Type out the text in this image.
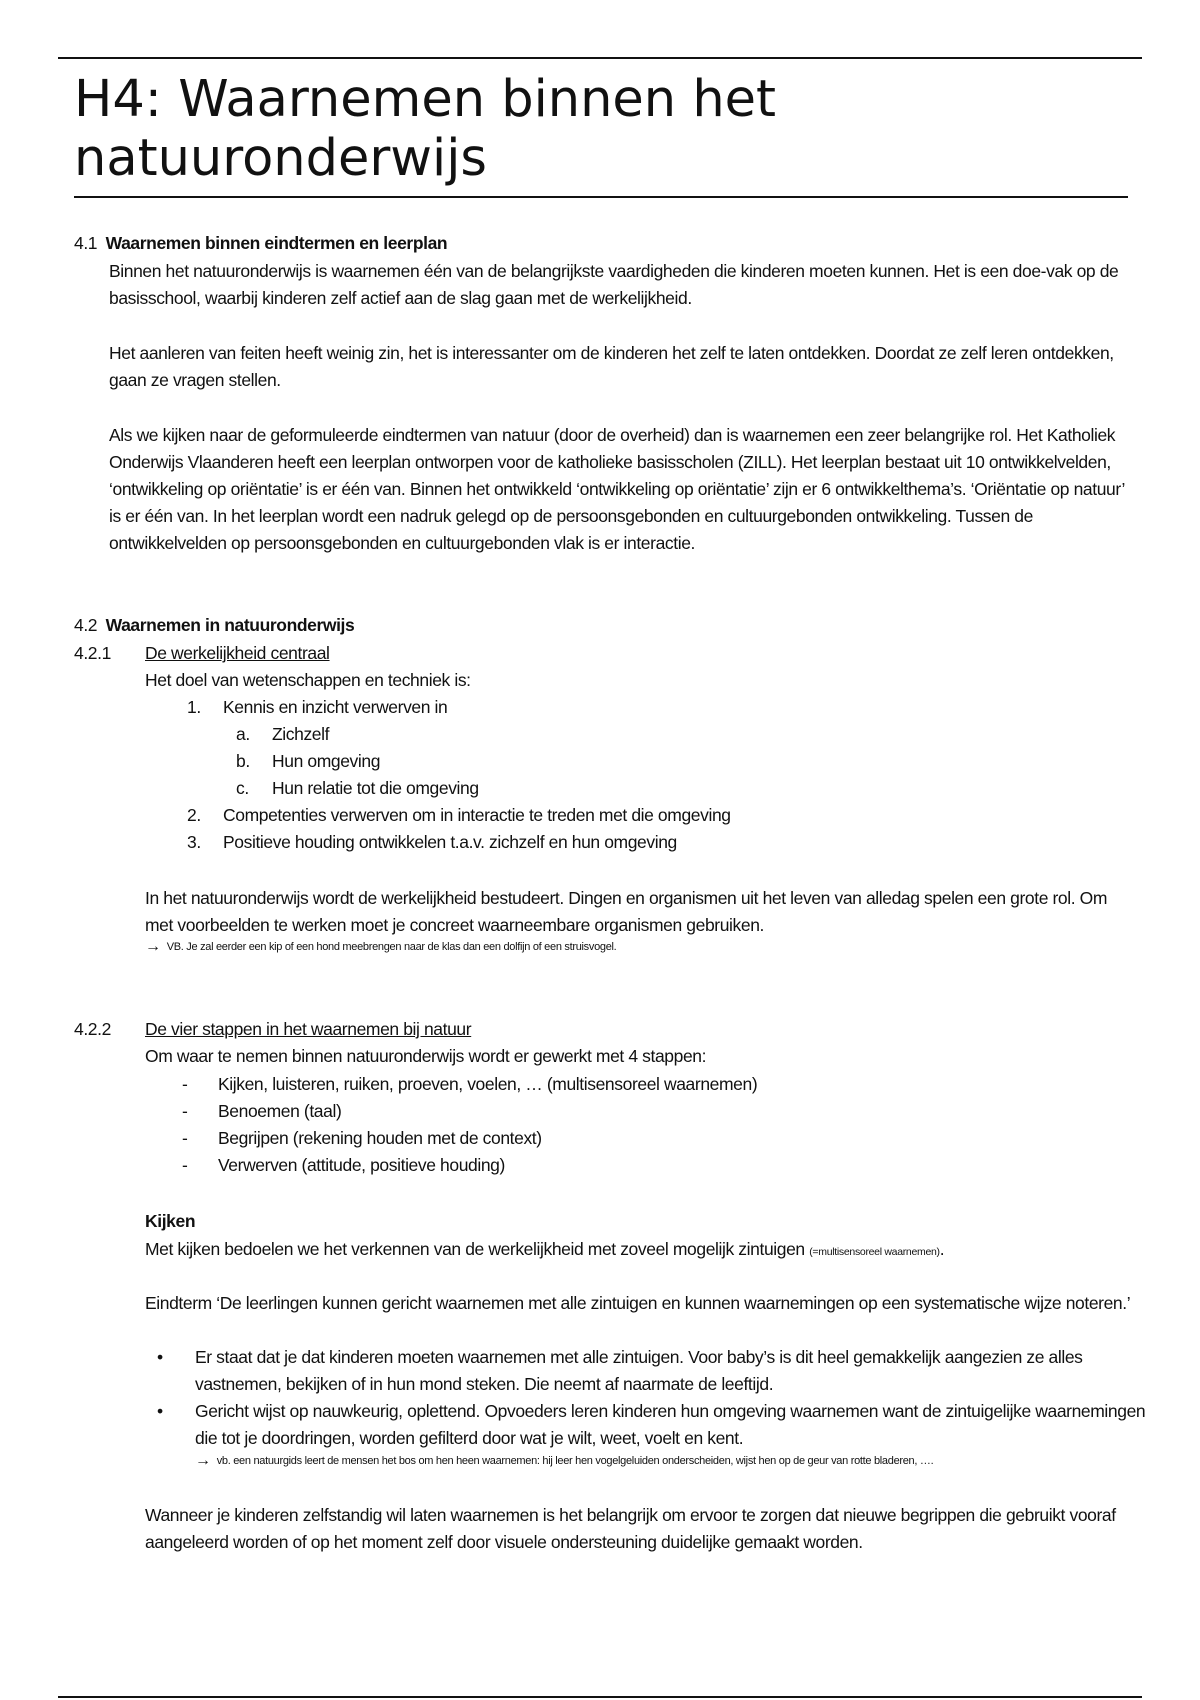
H4: Waarnemen binnen het natuuronderwijs
4.1 Waarnemen binnen eindtermen en leerplan

Binnen het natuuronderwijs is waarnemen één van de belangrijkste vaardigheden die kinderen moeten kunnen. Het is een doe-vak op de basisschool, waarbij kinderen zelf actief aan de slag gaan met de werkelijkheid.

Het aanleren van feiten heeft weinig zin, het is interessanter om de kinderen het zelf te laten ontdekken. Doordat ze zelf leren ontdekken, gaan ze vragen stellen.

Als we kijken naar de geformuleerde eindtermen van natuur (door de overheid) dan is waarnemen een zeer belangrijke rol. Het Katholiek Onderwijs Vlaanderen heeft een leerplan ontworpen voor de katholieke basisscholen (ZILL). Het leerplan bestaat uit 10 ontwikkelvelden, ‘ontwikkeling op oriëntatie’ is er één van. Binnen het ontwikkeld ‘ontwikkeling op oriëntatie’ zijn er 6 ontwikkelthema’s. ‘Oriëntatie op natuur’ is er één van. In het leerplan wordt een nadruk gelegd op de persoonsgebonden en cultuurgebonden ontwikkeling. Tussen de ontwikkelvelden op persoonsgebonden en cultuurgebonden vlak is er interactie.

4.2 Waarnemen in natuuronderwijs
4.2.1 De werkelijkheid centraal
Het doel van wetenschappen en techniek is:
1. Kennis en inzicht verwerven in
a. Zichzelf
b. Hun omgeving
c. Hun relatie tot die omgeving
2. Competenties verwerven om in interactie te treden met die omgeving
3. Positieve houding ontwikkelen t.a.v. zichzelf en hun omgeving

In het natuuronderwijs wordt de werkelijkheid bestudeert. Dingen en organismen uit het leven van alledag spelen een grote rol. Om met voorbeelden te werken moet je concreet waarneembare organismen gebruiken.

→ VB. Je zal eerder een kip of een hond meebrengen naar de klas dan een dolfijn of een struisvogel.
4.2.2 De vier stappen in het waarnemen bij natuur
Om waar te nemen binnen natuuronderwijs wordt er gewerkt met 4 stappen:
- Kijken, luisteren, ruiken, proeven, voelen, … (multisensoreel waarnemen)
- Benoemen (taal)
- Begrijpen (rekening houden met de context)
- Verwerven (attitude, positieve houding)
Kijken
Met kijken bedoelen we het verkennen van de werkelijkheid met zoveel mogelijk zintuigen (=multisensoreel waarnemen).

Eindterm ‘De leerlingen kunnen gericht waarnemen met alle zintuigen en kunnen waarnemingen op een systematische wijze noteren.’

• Er staat dat je dat kinderen moeten waarnemen met alle zintuigen. Voor baby’s is dit heel gemakkelijk aangezien ze alles vastnemen, bekijken of in hun mond steken. Die neemt af naarmate de leeftijd.

• Gericht wijst op nauwkeurig, oplettend. Opvoeders leren kinderen hun omgeving waarnemen want de zintuigelijke waarnemingen die tot je doordringen, worden gefilterd door wat je wilt, weet, voelt en kent.

→ vb. een natuurgids leert de mensen het bos om hen heen waarnemen: hij leer hen vogelgeluiden onderscheiden, wijst hen op de geur van rotte bladeren, ….

Wanneer je kinderen zelfstandig wil laten waarnemen is het belangrijk om ervoor te zorgen dat nieuwe begrippen die gebruikt vooraf aangeleerd worden of op het moment zelf door visuele ondersteuning duidelijke gemaakt worden.
